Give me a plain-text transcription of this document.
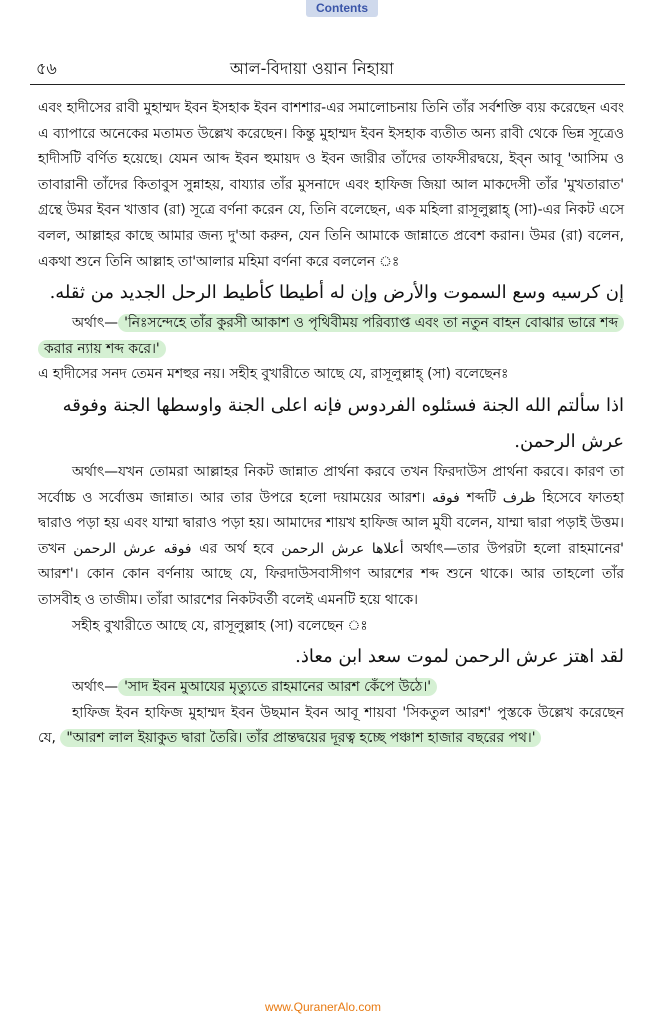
Contents
৫৬	আল-বিদায়া ওয়ান নিহায়া

এবং হাদীসের রাবী মুহাম্মদ ইবন ইসহাক ইবন বাশশার-এর সমালোচনায় তিনি তাঁর সর্বশক্তি ব্যয় করেছেন এবং এ ব্যাপারে অনেকের মতামত উল্লেখ করেছেন। কিন্তু মুহাম্মদ ইবন ইসহাক ব্যতীত অন্য রাবী থেকে ভিন্ন সূত্রেও হাদীসটি বর্ণিত হয়েছে। যেমন আব্দ ইবন হুমায়দ ও ইবন জারীর তাঁদের তাফসীরদ্বয়ে, ইব্ন আবূ 'আসিম ও তাবারানী তাঁদের কিতাবুস সুন্নাহয়, বায্যার তাঁর মুসনাদে এবং হাফিজ জিয়া আল মাকদেসী তাঁর 'মুখতারাত' গ্রন্থে উমর ইবন খাত্তাব (রা) সূত্রে বর্ণনা করেন যে, তিনি বলেছেন, এক মহিলা রাসূলুল্লাহ্ (সা)-এর নিকট এসে বলল, আল্লাহর কাছে আমার জন্য দু'আ করুন, যেন তিনি আমাকে জান্নাতে প্রবেশ করান। উমর (রা) বলেন, একথা শুনে তিনি আল্লাহ তা'আলার মহিমা বর্ণনা করে বললেন ঃ

إن كرسيه وسع السموت والأرض وإن له أطيطا كأطيط الرحل الجديد من ثقله.

অর্থাৎ— 'নিঃসন্দেহে তাঁর কুরসী আকাশ ও পৃথিবীময় পরিব্যাপ্ত এবং তা নতুন বাহন বোঝার ভারে শব্দ করার ন্যায় শব্দ করে।'

এ হাদীসের সনদ তেমন মশহুর নয়। সহীহ বুখারীতে আছে যে, রাসূলুল্লাহ্ (সা) বলেছেনঃ

اذا سألتم الله الجنة فسئلوه الفردوس فإنه اعلى الجنة واوسطها الجنة وفوقه عرش الرحمن.

অর্থাৎ—যখন তোমরা আল্লাহর নিকট জান্নাত প্রার্থনা করবে তখন ফিরদাউস প্রার্থনা করবে। কারণ তা সর্বোচ্চ ও সর্বোত্তম জান্নাত। আর তার উপরে হলো দয়াময়ের আরশ। فوقه শব্দটি ظرف হিসেবে ফাতহা দ্বারাও পড়া হয় এবং যাম্মা দ্বারাও পড়া হয়। আমাদের শায়খ হাফিজ আল মুযী বলেন, যাম্মা দ্বারা পড়াই উত্তম। তখন فوقه عرش الرحمن এর অর্থ হবে أعلاها عرش الرحمن অর্থাৎ—তার উপরটা হলো রাহমানের' আরশ'। কোন কোন বর্ণনায় আছে যে, ফিরদাউসবাসীগণ আরশের শব্দ শুনে থাকে। আর তাহলো তাঁর তাসবীহ ও তাজীম। তাঁরা আরশের নিকটবর্তী বলেই এমনটি হয়ে থাকে।

সহীহ বুখারীতে আছে যে, রাসূলুল্লাহ (সা) বলেছেন ঃ

لقد اهتز عرش الرحمن لموت سعد ابن معاذ.

অর্থাৎ— 'সাদ ইবন মুআযের মৃত্যুতে রাহমানের আরশ কেঁপে উঠে।'

হাফিজ ইবন হাফিজ মুহাম্মদ ইবন উছমান ইবন আবূ শায়বা 'সিকতুল আরশ' পুস্তকে উল্লেখ করেছেন যে, "আরশ লাল ইয়াকুত দ্বারা তৈরি। তাঁর প্রান্তদ্বয়ের দূরত্ব হচ্ছে পঞ্চাশ হাজার বছরের পথ।'

www.QuranerAlo.com
